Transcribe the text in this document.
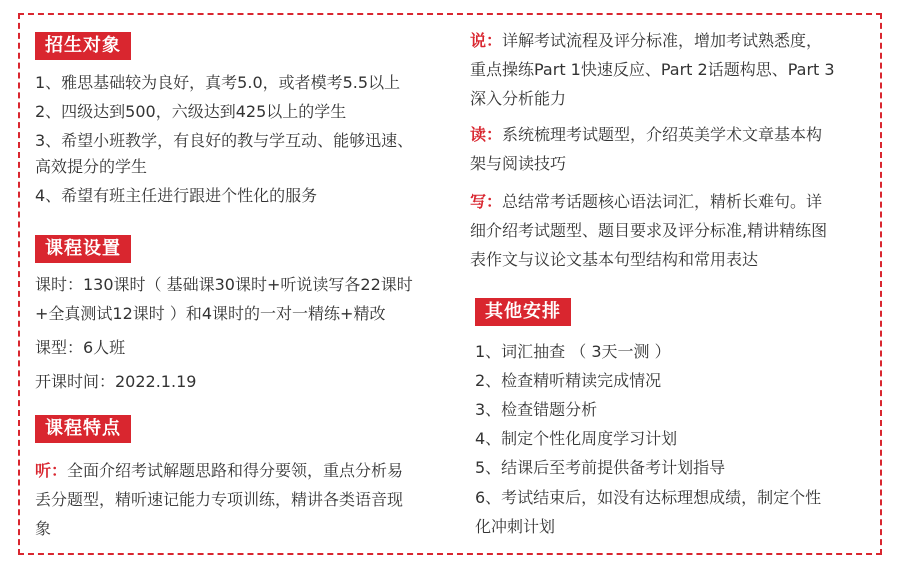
招生对象
1、雅思基础较为良好，真考5.0，或者模考5.5以上
2、四级达到500，六级达到425以上的学生
3、希望小班教学，有良好的教与学互动、能够迅速、
高效提分的学生
4、希望有班主任进行跟进个性化的服务
课程设置
课时：130课时（ 基础课30课时+听说读写各22课时
+全真测试12课时 ）和4课时的一对一精练+精改
课型：6人班
开课时间：2022.1.19
课程特点
听：全面介绍考试解题思路和得分要领，重点分析易
丢分题型，精听速记能力专项训练，精讲各类语音现
象
说：详解考试流程及评分标准，增加考试熟悉度，
重点操练Part 1快速反应、Part 2话题构思、Part 3
深入分析能力
读：系统梳理考试题型，介绍英美学术文章基本构
架与阅读技巧
写：总结常考话题核心语法词汇，精析长难句。详
细介绍考试题型、题目要求及评分标准,精讲精练图
表作文与议论文基本句型结构和常用表达
其他安排
1、词汇抽查 （ 3天一测 ）
2、检查精听精读完成情况
3、检查错题分析
4、制定个性化周度学习计划
5、结课后至考前提供备考计划指导
6、考试结束后，如没有达标理想成绩，制定个性
化冲刺计划
